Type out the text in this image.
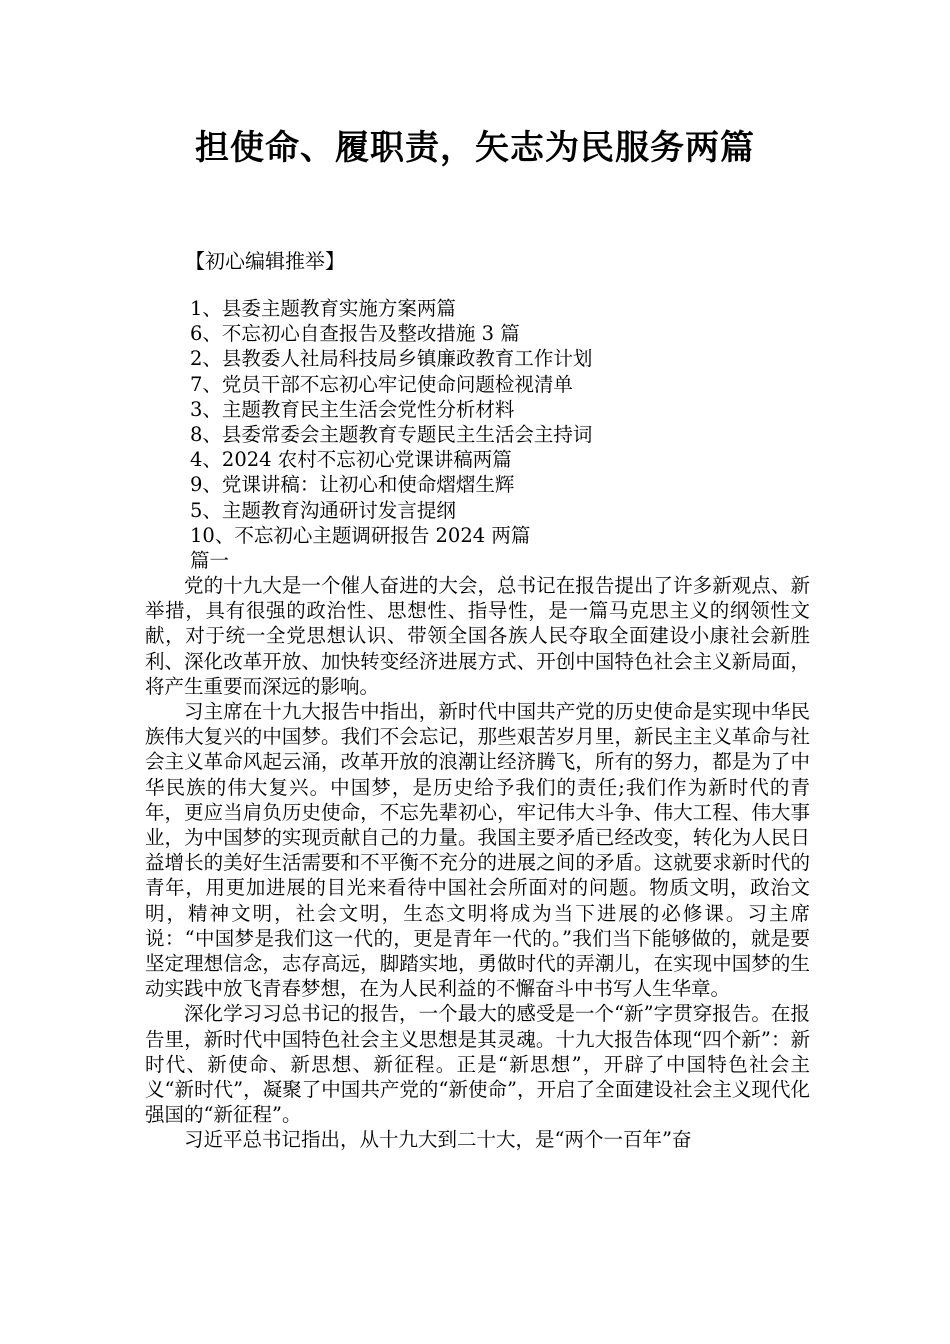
担使命、履职责，矢志为民服务两篇
【初心编辑推举】
1、县委主题教育实施方案两篇
6、不忘初心自查报告及整改措施 3 篇
2、县教委人社局科技局乡镇廉政教育工作计划
7、党员干部不忘初心牢记使命问题检视清单
3、主题教育民主生活会党性分析材料
8、县委常委会主题教育专题民主生活会主持词
4、2024 农村不忘初心党课讲稿两篇
9、党课讲稿：让初心和使命熠熠生辉
5、主题教育沟通研讨发言提纲
10、不忘初心主题调研报告 2024 两篇
篇一

党的十九大是一个催人奋进的大会，总书记在报告提出了许多新观点、新举措，具有很强的政治性、思想性、指导性，是一篇马克思主义的纲领性文献，对于统一全党思想认识、带领全国各族人民夺取全面建设小康社会新胜利、深化改革开放、加快转变经济进展方式、开创中国特色社会主义新局面，将产生重要而深远的影响。

习主席在十九大报告中指出，新时代中国共产党的历史使命是实现中华民族伟大复兴的中国梦。我们不会忘记，那些艰苦岁月里，新民主主义革命与社会主义革命风起云涌，改革开放的浪潮让经济腾飞，所有的努力，都是为了中华民族的伟大复兴。中国梦，是历史给予我们的责任;我们作为新时代的青年，更应当肩负历史使命，不忘先辈初心，牢记伟大斗争、伟大工程、伟大事业，为中国梦的实现贡献自己的力量。我国主要矛盾已经改变，转化为人民日益增长的美好生活需要和不平衡不充分的进展之间的矛盾。这就要求新时代的青年，用更加进展的目光来看待中国社会所面对的问题。物质文明，政治文明，精神文明，社会文明，生态文明将成为当下进展的必修课。习主席说：“中国梦是我们这一代的，更是青年一代的。”我们当下能够做的，就是要坚定理想信念，志存高远，脚踏实地，勇做时代的弄潮儿，在实现中国梦的生动实践中放飞青春梦想，在为人民利益的不懈奋斗中书写人生华章。

深化学习习总书记的报告，一个最大的感受是一个“新”字贯穿报告。在报告里，新时代中国特色社会主义思想是其灵魂。十九大报告体现“四个新”：新时代、新使命、新思想、新征程。正是“新思想”，开辟了中国特色社会主义“新时代”，凝聚了中国共产党的“新使命”，开启了全面建设社会主义现代化强国的“新征程”。

习近平总书记指出，从十九大到二十大，是“两个一百年”奋
